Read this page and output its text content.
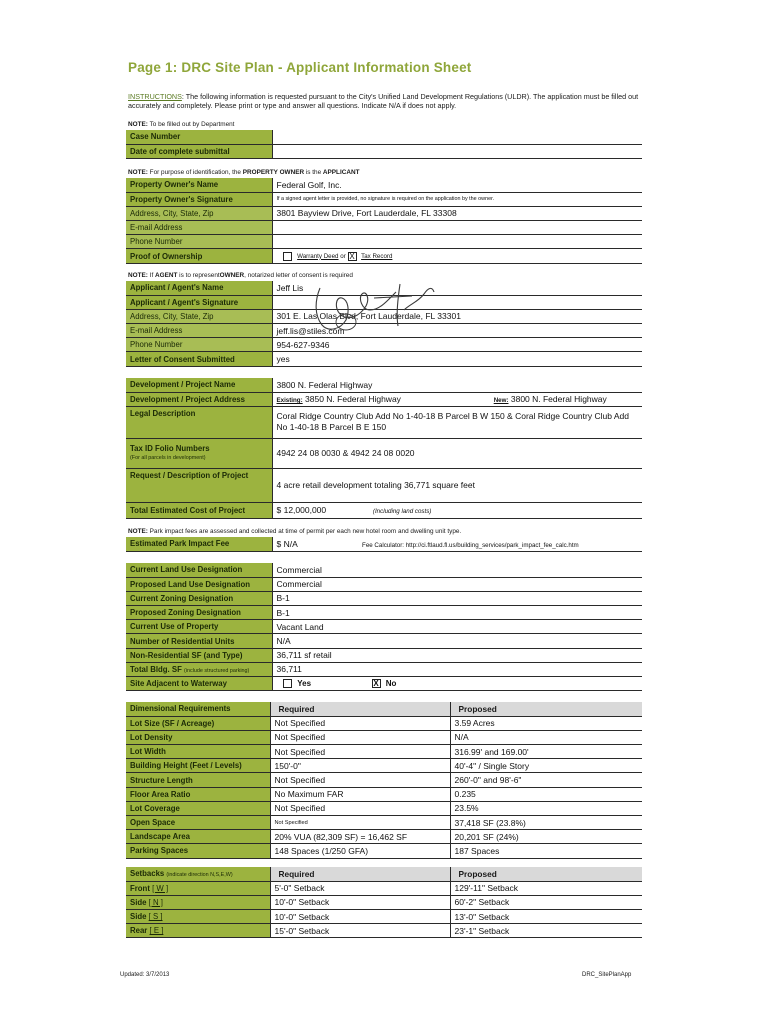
Page 1: DRC Site Plan - Applicant Information Sheet
INSTRUCTIONS: The following information is requested pursuant to the City's Unified Land Development Regulations (ULDR). The application must be filled out accurately and completely. Please print or type and answer all questions. Indicate N/A if does not apply.
NOTE: To be filled out by Department
Case Number	
Date of complete submittal	
NOTE: For purpose of identification, the PROPERTY OWNER is the APPLICANT
Property Owner's Name	Federal Golf, Inc.
Property Owner's Signature	If a signed agent letter is provided, no signature is required on the application by the owner.
Address, City, State, Zip	3801 Bayview Drive, Fort Lauderdale, FL 33308
E-mail Address	
Phone Number	
Proof of Ownership	Warranty Deed or X Tax Record
NOTE: If AGENT is to representOWNER, notarized letter of consent is required
Applicant / Agent's Name	Jeff Lis
Applicant / Agent's Signature	
Address, City, State, Zip	301 E. Las Olas Blvd, Fort Lauderdale, FL 33301
E-mail Address	jeff.lis@stiles.com
Phone Number	954-627-9346
Letter of Consent Submitted	yes
Development / Project Name	3800 N. Federal Highway
Development / Project Address	Existing: 3850 N. Federal Highway New: 3800 N. Federal Highway
Legal Description	Coral Ridge Country Club Add No 1-40-18 B Parcel B W 150 & Coral Ridge Country Club Add No 1-40-18 B Parcel B E 150
Tax ID Folio Numbers
(For all parcels in development)	4942 24 08 0030 & 4942 24 08 0020
Request / Description of Project	4 acre retail development totaling 36,771 square feet
Total Estimated Cost of Project	$ 12,000,000 (Including land costs)
NOTE: Park impact fees are assessed and collected at time of permit per each new hotel room and dwelling unit type.
Estimated Park Impact Fee	$ N/A	Fee Calculator: http://ci.ftlaud.fl.us/building_services/park_impact_fee_calc.htm
Current Land Use Designation	Commercial
Proposed Land Use Designation	Commercial
Current Zoning Designation	B-1
Proposed Zoning Designation	B-1
Current Use of Property	Vacant Land
Number of Residential Units	N/A
Non-Residential SF (and Type)	36,711 sf retail
Total Bldg. SF (include structured parking)	36,711
Site Adjacent to Waterway	Yes X No
Dimensional Requirements	Required	Proposed
Lot Size (SF / Acreage)	Not Specified	3.59 Acres
Lot Density	Not Specified	N/A
Lot Width	Not Specified	316.99' and 169.00'
Building Height (Feet / Levels)	150'-0"	40'-4" / Single Story
Structure Length	Not Specified	260'-0" and 98'-6"
Floor Area Ratio	No Maximum FAR	0.235
Lot Coverage	Not Specified	23.5%
Open Space	Not Specified	37,418 SF (23.8%)
Landscape Area	20% VUA (82,309 SF) = 16,462 SF	20,201 SF (24%)
Parking Spaces	148 Spaces (1/250 GFA)	187 Spaces
Setbacks (indicate direction N,S,E,W)	Required	Proposed
Front [ W ]	5'-0" Setback	129'-11" Setback
Side [ N ]	10'-0" Setback	60'-2" Setback
Side [ S ]	10'-0" Setback	13'-0" Setback
Rear [ E ]	15'-0" Setback	23'-1" Setback
Updated: 3/7/2013	DRC_SitePlanApp
